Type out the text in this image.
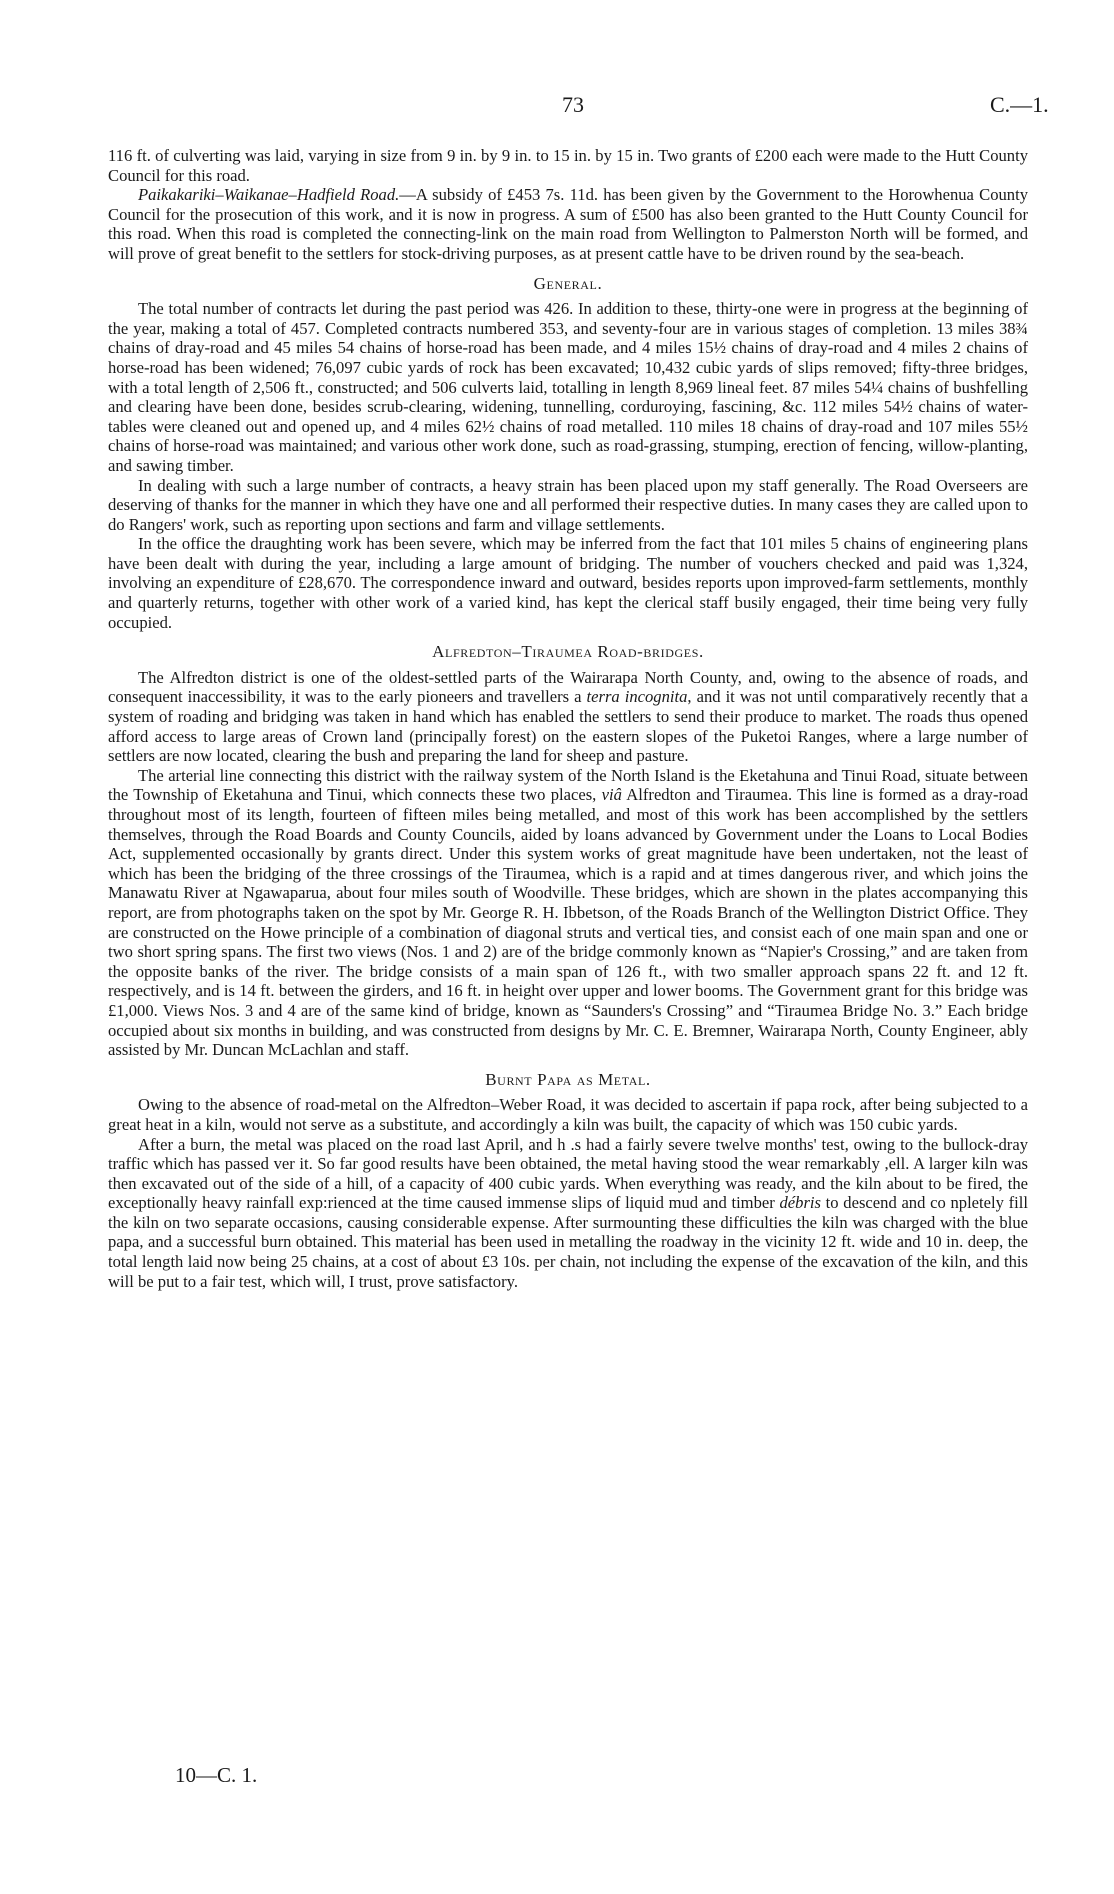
73	C.—1.

116 ft. of culverting was laid, varying in size from 9 in. by 9 in. to 15 in. by 15 in. Two grants of £200 each were made to the Hutt County Council for this road.

Paikakariki–Waikanae–Hadfield Road.—A subsidy of £453 7s. 11d. has been given by the Government to the Horowhenua County Council for the prosecution of this work, and it is now in progress. A sum of £500 has also been granted to the Hutt County Council for this road. When this road is completed the connecting-link on the main road from Wellington to Palmerston North will be formed, and will prove of great benefit to the settlers for stock-driving purposes, as at present cattle have to be driven round by the sea-beach.

General.

The total number of contracts let during the past period was 426. In addition to these, thirty-one were in progress at the beginning of the year, making a total of 457. Completed contracts numbered 353, and seventy-four are in various stages of completion. 13 miles 38¾ chains of dray-road and 45 miles 54 chains of horse-road has been made, and 4 miles 15½ chains of dray-road and 4 miles 2 chains of horse-road has been widened; 76,097 cubic yards of rock has been excavated; 10,432 cubic yards of slips removed; fifty-three bridges, with a total length of 2,506 ft., constructed; and 506 culverts laid, totalling in length 8,969 lineal feet. 87 miles 54¼ chains of bushfelling and clearing have been done, besides scrub-clearing, widening, tunnelling, corduroying, fascining, &c. 112 miles 54½ chains of water-tables were cleaned out and opened up, and 4 miles 62½ chains of road metalled. 110 miles 18 chains of dray-road and 107 miles 55½ chains of horse-road was maintained; and various other work done, such as road-grassing, stumping, erection of fencing, willow-planting, and sawing timber.

In dealing with such a large number of contracts, a heavy strain has been placed upon my staff generally. The Road Overseers are deserving of thanks for the manner in which they have one and all performed their respective duties. In many cases they are called upon to do Rangers' work, such as reporting upon sections and farm and village settlements.

In the office the draughting work has been severe, which may be inferred from the fact that 101 miles 5 chains of engineering plans have been dealt with during the year, including a large amount of bridging. The number of vouchers checked and paid was 1,324, involving an expenditure of £28,670. The correspondence inward and outward, besides reports upon improved-farm settlements, monthly and quarterly returns, together with other work of a varied kind, has kept the clerical staff busily engaged, their time being very fully occupied.

Alfredton–Tiraumea Road-bridges.

The Alfredton district is one of the oldest-settled parts of the Wairarapa North County, and, owing to the absence of roads, and consequent inaccessibility, it was to the early pioneers and travellers a terra incognita, and it was not until comparatively recently that a system of roading and bridging was taken in hand which has enabled the settlers to send their produce to market. The roads thus opened afford access to large areas of Crown land (principally forest) on the eastern slopes of the Puketoi Ranges, where a large number of settlers are now located, clearing the bush and preparing the land for sheep and pasture.

The arterial line connecting this district with the railway system of the North Island is the Eketahuna and Tinui Road, situate between the Township of Eketahuna and Tinui, which connects these two places, viâ Alfredton and Tiraumea. This line is formed as a dray-road throughout most of its length, fourteen of fifteen miles being metalled, and most of this work has been accomplished by the settlers themselves, through the Road Boards and County Councils, aided by loans advanced by Government under the Loans to Local Bodies Act, supplemented occasionally by grants direct. Under this system works of great magnitude have been undertaken, not the least of which has been the bridging of the three crossings of the Tiraumea, which is a rapid and at times dangerous river, and which joins the Manawatu River at Ngawaparua, about four miles south of Woodville. These bridges, which are shown in the plates accompanying this report, are from photographs taken on the spot by Mr. George R. H. Ibbetson, of the Roads Branch of the Wellington District Office. They are constructed on the Howe principle of a combination of diagonal struts and vertical ties, and consist each of one main span and one or two short spring spans. The first two views (Nos. 1 and 2) are of the bridge commonly known as “Napier's Crossing,” and are taken from the opposite banks of the river. The bridge consists of a main span of 126 ft., with two smaller approach spans 22 ft. and 12 ft. respectively, and is 14 ft. between the girders, and 16 ft. in height over upper and lower booms. The Government grant for this bridge was £1,000. Views Nos. 3 and 4 are of the same kind of bridge, known as “Saunders's Crossing” and “Tiraumea Bridge No. 3.” Each bridge occupied about six months in building, and was constructed from designs by Mr. C. E. Bremner, Wairarapa North, County Engineer, ably assisted by Mr. Duncan McLachlan and staff.

Burnt Papa as Metal.

Owing to the absence of road-metal on the Alfredton–Weber Road, it was decided to ascertain if papa rock, after being subjected to a great heat in a kiln, would not serve as a substitute, and accordingly a kiln was built, the capacity of which was 150 cubic yards.

After a burn, the metal was placed on the road last April, and h .s had a fairly severe twelve months' test, owing to the bullock-dray traffic which has passed ver it. So far good results have been obtained, the metal having stood the wear remarkably ,ell. A larger kiln was then excavated out of the side of a hill, of a capacity of 400 cubic yards. When everything was ready, and the kiln about to be fired, the exceptionally heavy rainfall exp:rienced at the time caused immense slips of liquid mud and timber débris to descend and co npletely fill the kiln on two separate occasions, causing considerable expense. After surmounting these difficulties the kiln was charged with the blue papa, and a successful burn obtained. This material has been used in metalling the roadway in the vicinity 12 ft. wide and 10 in. deep, the total length laid now being 25 chains, at a cost of about £3 10s. per chain, not including the expense of the excavation of the kiln, and this will be put to a fair test, which will, I trust, prove satisfactory.

10—C. 1.
